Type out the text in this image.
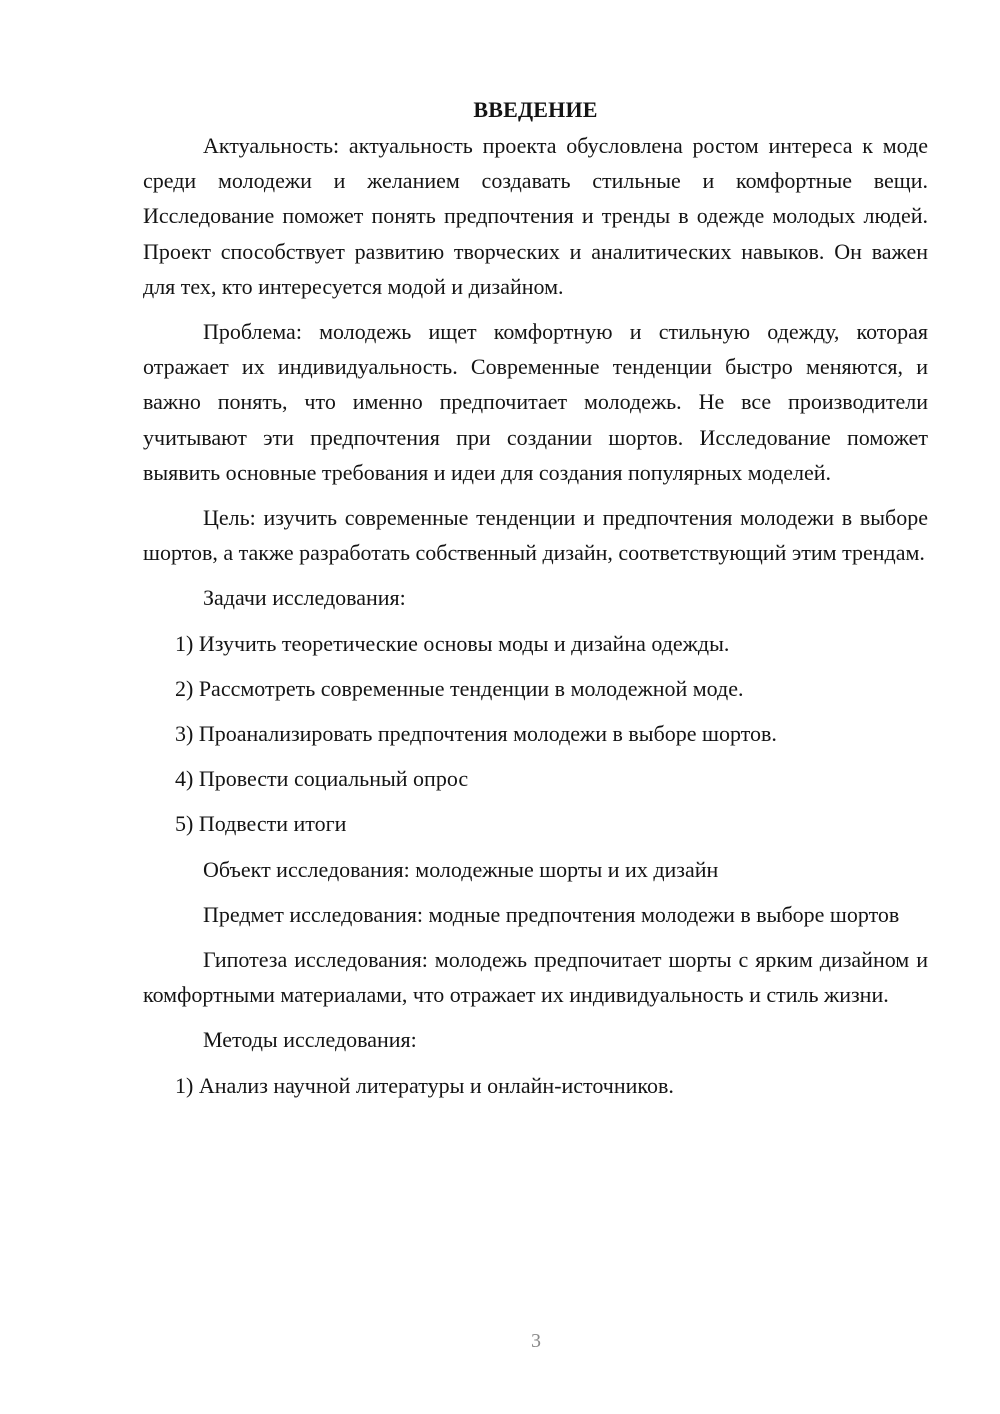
ВВЕДЕНИЕ

Актуальность: актуальность проекта обусловлена ростом интереса к моде среди молодежи и желанием создавать стильные и комфортные вещи. Исследование поможет понять предпочтения и тренды в одежде молодых людей. Проект способствует развитию творческих и аналитических навыков. Он важен для тех, кто интересуется модой и дизайном.

Проблема: молодежь ищет комфортную и стильную одежду, которая отражает их индивидуальность. Современные тенденции быстро меняются, и важно понять, что именно предпочитает молодежь. Не все производители учитывают эти предпочтения при создании шортов. Исследование поможет выявить основные требования и идеи для создания популярных моделей.

Цель: изучить современные тенденции и предпочтения молодежи в выборе шортов, а также разработать собственный дизайн, соответствующий этим трендам.

Задачи исследования:
1) Изучить теоретические основы моды и дизайна одежды.
2) Рассмотреть современные тенденции в молодежной моде.
3) Проанализировать предпочтения молодежи в выборе шортов.
4) Провести социальный опрос
5) Подвести итоги
Объект исследования: молодежные шорты и их дизайн

Предмет исследования: модные предпочтения молодежи в выборе шортов

Гипотеза исследования: молодежь предпочитает шорты с ярким дизайном и комфортными материалами, что отражает их индивидуальность и стиль жизни.

Методы исследования:
1) Анализ научной литературы и онлайн-источников.
3
